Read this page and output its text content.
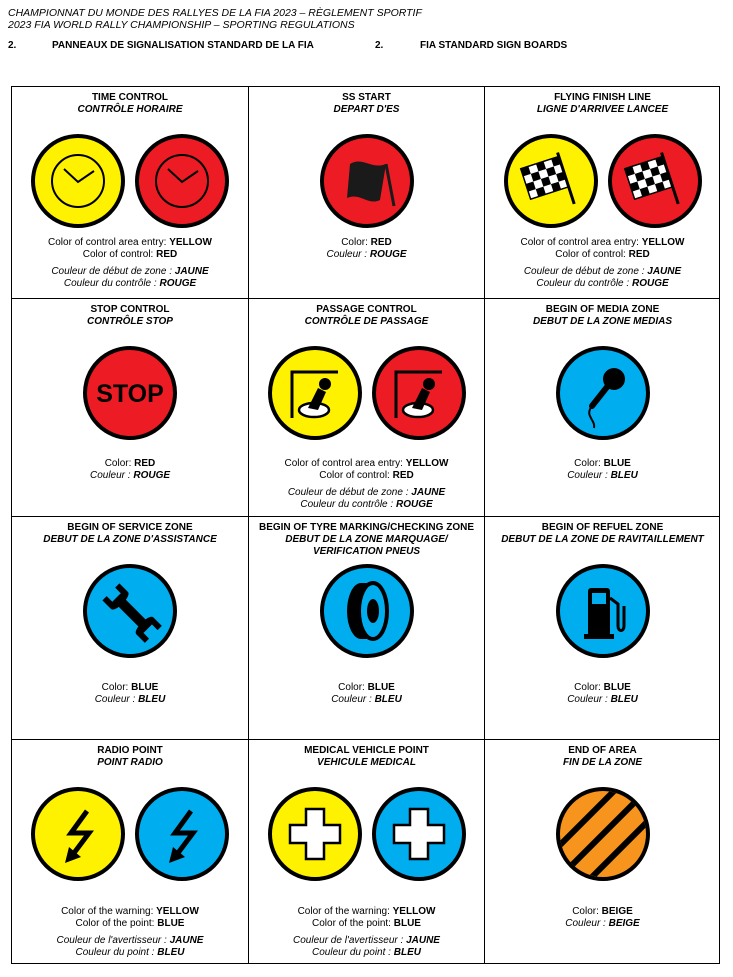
CHAMPIONNAT DU MONDE DES RALLYES DE LA FIA 2023 – RÈGLEMENT SPORTIF
2023 FIA WORLD RALLY CHAMPIONSHIP – SPORTING REGULATIONS
2.	PANNEAUX DE SIGNALISATION STANDARD DE LA FIA	2.	FIA STANDARD SIGN BOARDS
TIME CONTROL
CONTRÔLE HORAIRE
Color of control area entry: YELLOW
Color of control: RED
Couleur de début de zone : JAUNE
Couleur du contrôle : ROUGE
SS START
DEPART D'ES
Color: RED
Couleur : ROUGE
FLYING FINISH LINE
LIGNE D'ARRIVEE LANCEE
Color of control area entry: YELLOW
Color of control: RED
Couleur de début de zone : JAUNE
Couleur du contrôle : ROUGE
STOP CONTROL
CONTRÔLE STOP
STOP
Color: RED
Couleur : ROUGE
PASSAGE CONTROL
CONTRÔLE DE PASSAGE
Color of control area entry: YELLOW
Color of control: RED
Couleur de début de zone : JAUNE
Couleur du contrôle : ROUGE
BEGIN OF MEDIA ZONE
DEBUT DE LA ZONE MEDIAS
Color: BLUE
Couleur : BLEU
BEGIN OF SERVICE ZONE
DEBUT DE LA ZONE D'ASSISTANCE
Color: BLUE
Couleur : BLEU
BEGIN OF TYRE MARKING/CHECKING ZONE
DEBUT DE LA ZONE MARQUAGE/
VERIFICATION PNEUS
Color: BLUE
Couleur : BLEU
BEGIN OF REFUEL ZONE
DEBUT DE LA ZONE DE RAVITAILLEMENT
Color: BLUE
Couleur : BLEU
RADIO POINT
POINT RADIO
Color of the warning: YELLOW
Color of the point: BLUE
Couleur de l'avertisseur : JAUNE
Couleur du point : BLEU
MEDICAL VEHICLE POINT
VEHICULE MEDICAL
Color of the warning: YELLOW
Color of the point: BLUE
Couleur de l'avertisseur : JAUNE
Couleur du point : BLEU
END OF AREA
FIN DE LA ZONE
Color: BEIGE
Couleur : BEIGE
